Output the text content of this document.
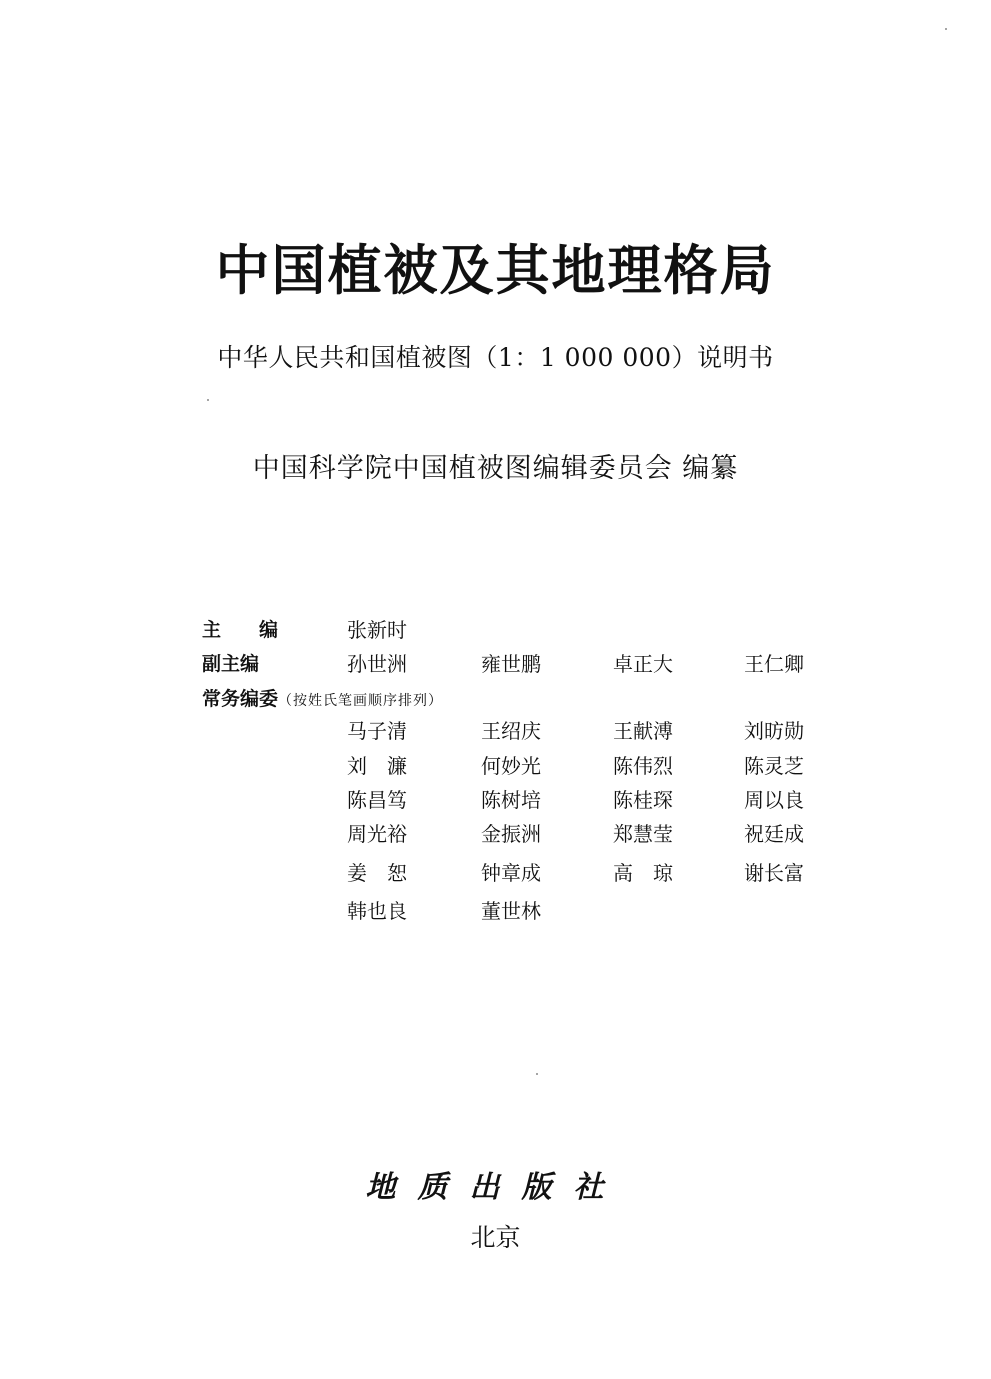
中国植被及其地理格局
中华人民共和国植被图（1：1 000 000）说明书
中国科学院中国植被图编辑委员会 编纂
主　　编	张新时
副主编	孙世洲	雍世鹏	卓正大	王仁卿
常务编委（按姓氏笔画顺序排列）
马子清	王绍庆	王献溥	刘昉勋
刘　濂	何妙光	陈伟烈	陈灵芝
陈昌笃	陈树培	陈桂琛	周以良
周光裕	金振洲	郑慧莹	祝廷成
姜　恕	钟章成	高　琼	谢长富
韩也良	董世林
地质出版社
北京
